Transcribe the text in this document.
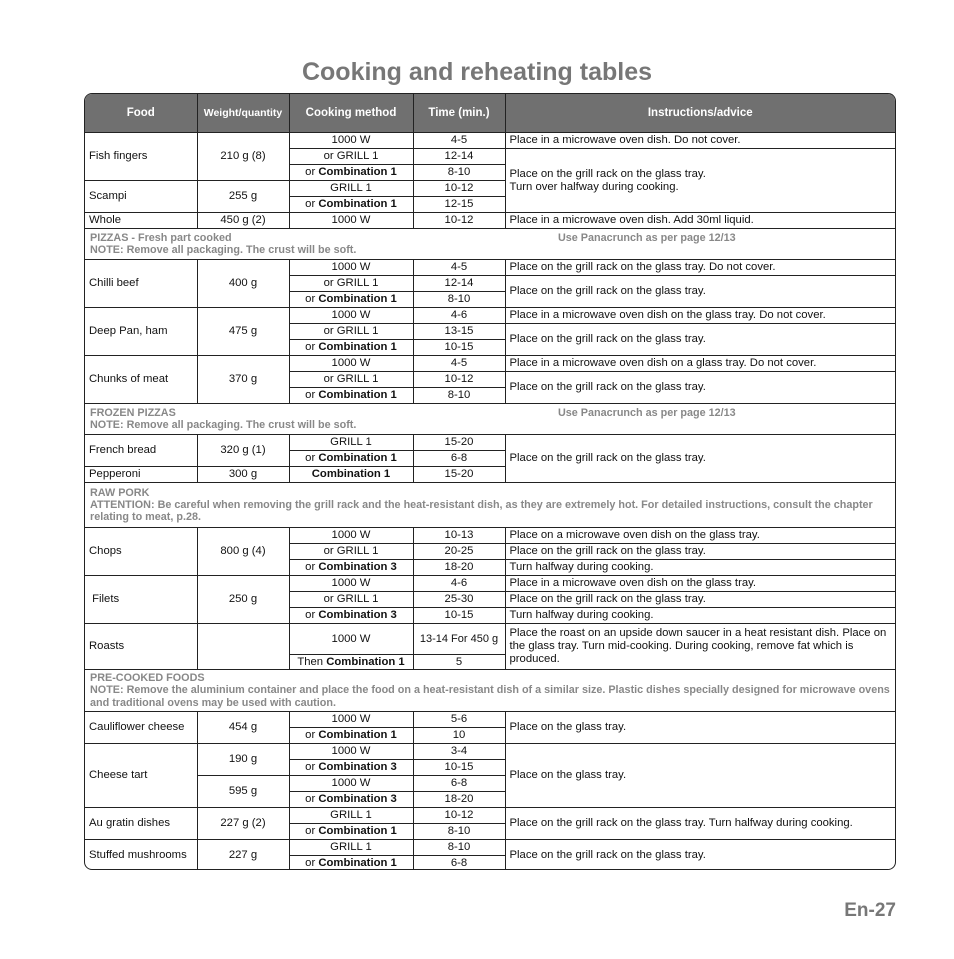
Cooking and reheating tables
Food	Weight/quantity	Cooking method	Time (min.)	Instructions/advice
Fish fingers	210 g (8)	1000 W	4-5	Place in a microwave oven dish. Do not cover.
		or GRILL 1	12-14	Place on the grill rack on the glass tray.
Turn over halfway during cooking.
		or Combination 1	8-10	
Scampi	255 g	GRILL 1	10-12	
		or Combination 1	12-15	
Whole	450 g (2)	1000 W	10-12	Place in a microwave oven dish. Add 30ml liquid.

PIZZAS - Fresh part cooked Use Panacrunch as per page 12/13
NOTE: Remove all packaging. The crust will be soft.				
Chilli beef	400 g	1000 W	4-5	Place on the grill rack on the glass tray. Do not cover.
		or GRILL 1	12-14	Place on the grill rack on the glass tray.
		or Combination 1	8-10	
Deep Pan, ham	475 g	1000 W	4-6	Place in a microwave oven dish on the glass tray. Do not cover.
		or GRILL 1	13-15	Place on the grill rack on the glass tray.
		or Combination 1	10-15	
Chunks of meat	370 g	1000 W	4-5	Place in a microwave oven dish on a glass tray. Do not cover.
		or GRILL 1	10-12	Place on the grill rack on the glass tray.
		or Combination 1	8-10	

FROZEN PIZZAS Use Panacrunch as per page 12/13
NOTE: Remove all packaging. The crust will be soft.				
French bread	320 g (1)	GRILL 1	15-20	Place on the grill rack on the glass tray.
		or Combination 1	6-8	
Pepperoni	300 g	Combination 1	15-20	

RAW PORK
ATTENTION: Be careful when removing the grill rack and the heat-resistant dish, as they are extremely hot. For detailed instructions, consult the chapter relating to meat, p.28.				
Chops	800 g (4)	1000 W	10-13	Place on a microwave oven dish on the glass tray.
		or GRILL 1	20-25	Place on the grill rack on the glass tray.
		or Combination 3	18-20	Turn halfway during cooking.
Filets	250 g	1000 W	4-6	Place in a microwave oven dish on the glass tray.
		or GRILL 1	25-30	Place on the grill rack on the glass tray.
		or Combination 3	10-15	Turn halfway during cooking.
Roasts		1000 W	13-14 For 450 g	Place the roast on an upside down saucer in a heat resistant dish. Place on the glass tray. Turn mid-cooking. During cooking, remove fat which is produced.
		Then Combination 1	5	

PRE-COOKED FOODS
NOTE: Remove the aluminium container and place the food on a heat-resistant dish of a similar size. Plastic dishes specially designed for microwave ovens and traditional ovens may be used with caution.				
Cauliflower cheese	454 g	1000 W	5-6	Place on the glass tray.
		or Combination 1	10	
Cheese tart	190 g	1000 W	3-4	Place on the glass tray.
		or Combination 3	10-15	
	595 g	1000 W	6-8	
		or Combination 3	18-20	
Au gratin dishes	227 g (2)	GRILL 1	10-12	Place on the grill rack on the glass tray. Turn halfway during cooking.
		or Combination 1	8-10	
Stuffed mushrooms	227 g	GRILL 1	8-10	Place on the grill rack on the glass tray.
		or Combination 1	6-8	
En-27
